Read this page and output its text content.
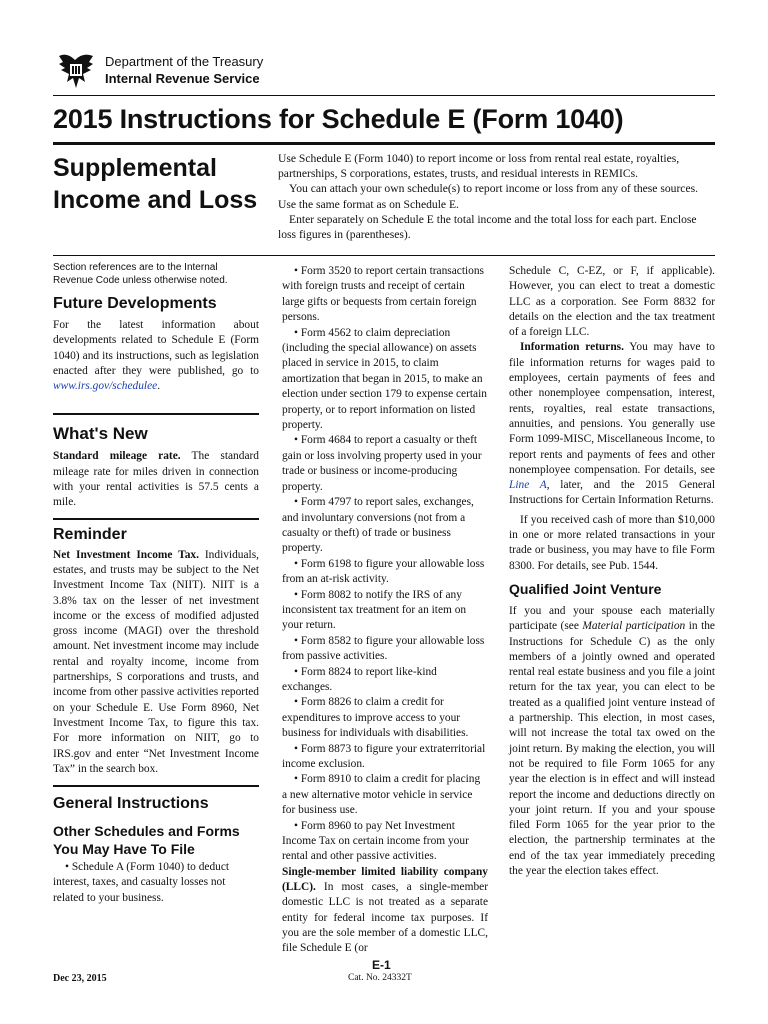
Department of the Treasury
Internal Revenue Service
2015 Instructions for Schedule E (Form 1040)
Supplemental
Income and Loss

Use Schedule E (Form 1040) to report income or loss from rental real estate, royalties, partnerships, S corporations, estates, trusts, and residual interests in REMICs.

You can attach your own schedule(s) to report income or loss from any of these sources. Use the same format as on Schedule E.

Enter separately on Schedule E the total income and the total loss for each part. Enclose loss figures in (parentheses).

Section references are to the Internal Revenue Code unless otherwise noted.

Future Developments

For the latest information about developments related to Schedule E (Form 1040) and its instructions, such as legislation enacted after they were published, go to www.irs.gov/schedulee.

What's New

Standard mileage rate. The standard mileage rate for miles driven in connection with your rental activities is 57.5 cents a mile.

Reminder

Net Investment Income Tax. Individuals, estates, and trusts may be subject to the Net Investment Income Tax (NIIT). NIIT is a 3.8% tax on the lesser of net investment income or the excess of modified adjusted gross income (MAGI) over the threshold amount. Net investment income may include rental and royalty income, income from partnerships, S corporations and trusts, and income from other passive activities reported on your Schedule E. Use Form 8960, Net Investment Income Tax, to figure this tax. For more information on NIIT, go to IRS.gov and enter “Net Investment Income Tax” in the search box.

General Instructions
Other Schedules and Forms You May Have To File

• Schedule A (Form 1040) to deduct interest, taxes, and casualty losses not related to your business.

• Form 3520 to report certain transactions with foreign trusts and receipt of certain large gifts or bequests from certain foreign persons.

• Form 4562 to claim depreciation (including the special allowance) on assets placed in service in 2015, to claim amortization that began in 2015, to make an election under section 179 to expense certain property, or to report information on listed property.

• Form 4684 to report a casualty or theft gain or loss involving property used in your trade or business or income-producing property.

• Form 4797 to report sales, exchanges, and involuntary conversions (not from a casualty or theft) of trade or business property.

• Form 6198 to figure your allowable loss from an at-risk activity.

• Form 8082 to notify the IRS of any inconsistent tax treatment for an item on your return.

• Form 8582 to figure your allowable loss from passive activities.

• Form 8824 to report like-kind exchanges.

• Form 8826 to claim a credit for expenditures to improve access to your business for individuals with disabilities.

• Form 8873 to figure your extraterritorial income exclusion.

• Form 8910 to claim a credit for placing a new alternative motor vehicle in service for business use.

• Form 8960 to pay Net Investment Income Tax on certain income from your rental and other passive activities.

Single-member limited liability company (LLC). In most cases, a single-member domestic LLC is not treated as a separate entity for federal income tax purposes. If you are the sole member of a domestic LLC, file Schedule E (or

Schedule C, C-EZ, or F, if applicable). However, you can elect to treat a domestic LLC as a corporation. See Form 8832 for details on the election and the tax treatment of a foreign LLC.

Information returns. You may have to file information returns for wages paid to employees, certain payments of fees and other nonemployee compensation, interest, rents, royalties, real estate transactions, annuities, and pensions. You generally use Form 1099-MISC, Miscellaneous Income, to report rents and payments of fees and other nonemployee compensation. For details, see Line A, later, and the 2015 General Instructions for Certain Information Returns.

If you received cash of more than $10,000 in one or more related transactions in your trade or business, you may have to file Form 8300. For details, see Pub. 1544.

Qualified Joint Venture

If you and your spouse each materially participate (see Material participation in the Instructions for Schedule C) as the only members of a jointly owned and operated rental real estate business and you file a joint return for the tax year, you can elect to be treated as a qualified joint venture instead of a partnership. This election, in most cases, will not increase the total tax owed on the joint return. By making the election, you will not be required to file Form 1065 for any year the election is in effect and will instead report the income and deductions directly on your joint return. If you and your spouse filed Form 1065 for the year prior to the election, the partnership terminates at the end of the tax year immediately preceding the year the election takes effect.

E-1
Dec 23, 2015	Cat. No. 24332T
